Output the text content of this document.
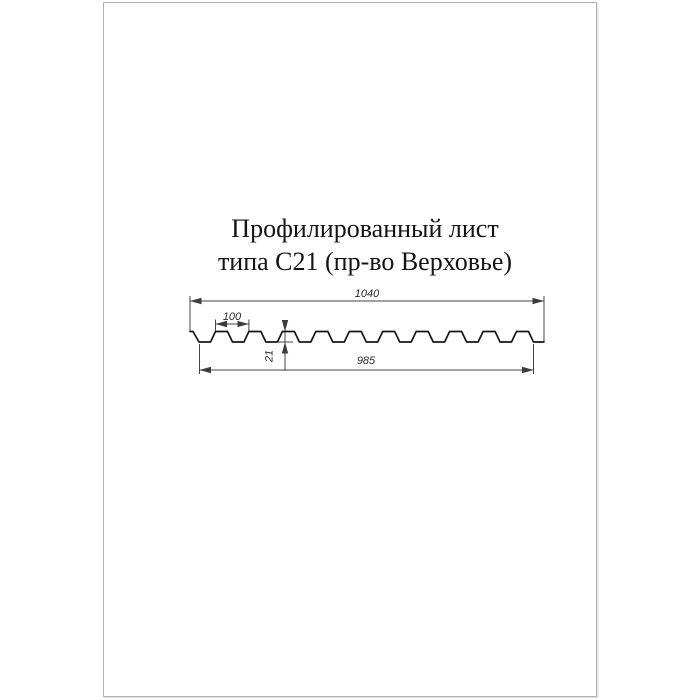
Профилированный лист
типа С21 (пр-во Верховье)
1040
100
21	985
